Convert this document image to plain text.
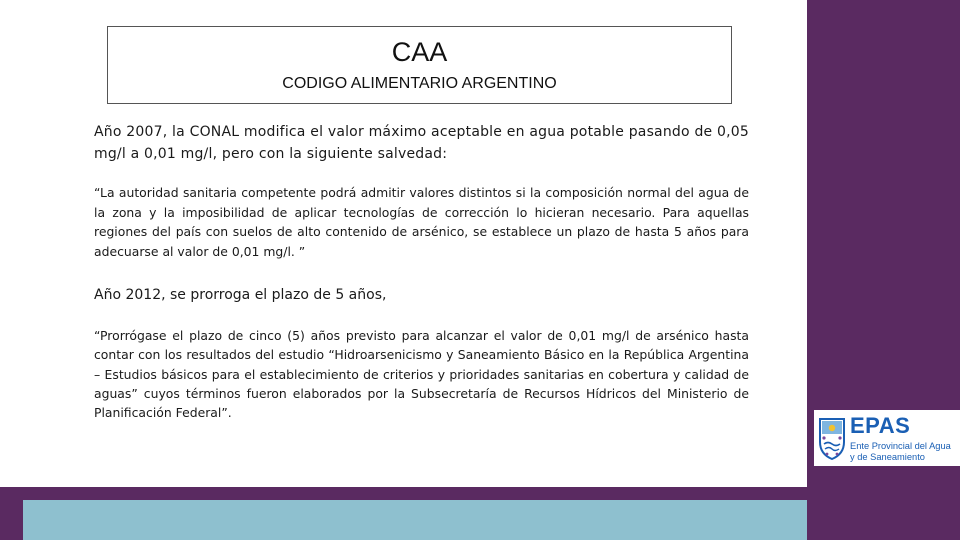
CAA
CODIGO ALIMENTARIO ARGENTINO
Año 2007, la CONAL modifica el valor máximo aceptable en agua potable pasando de 0,05 mg/l a 0,01 mg/l, pero con la siguiente salvedad:
“La autoridad sanitaria competente podrá admitir valores distintos si la composición normal del agua de la zona y la imposibilidad de aplicar tecnologías de corrección lo hicieran necesario. Para aquellas regiones del país con suelos de alto contenido de arsénico, se establece un plazo de hasta 5 años para adecuarse al valor de 0,01 mg/l. ”
Año 2012, se prorroga el plazo de 5 años,
“Prorrógase el plazo de cinco (5) años previsto para alcanzar el valor de 0,01 mg/l de arsénico hasta contar con los resultados del estudio “Hidroarsenicismo y Saneamiento Básico en la República Argentina – Estudios básicos para el establecimiento de criterios y prioridades sanitarias en cobertura y calidad de aguas” cuyos términos fueron elaborados por la Subsecretaría de Recursos Hídricos del Ministerio de Planificación Federal”.
EPAS
Ente Provincial del Agua
y de Saneamiento
